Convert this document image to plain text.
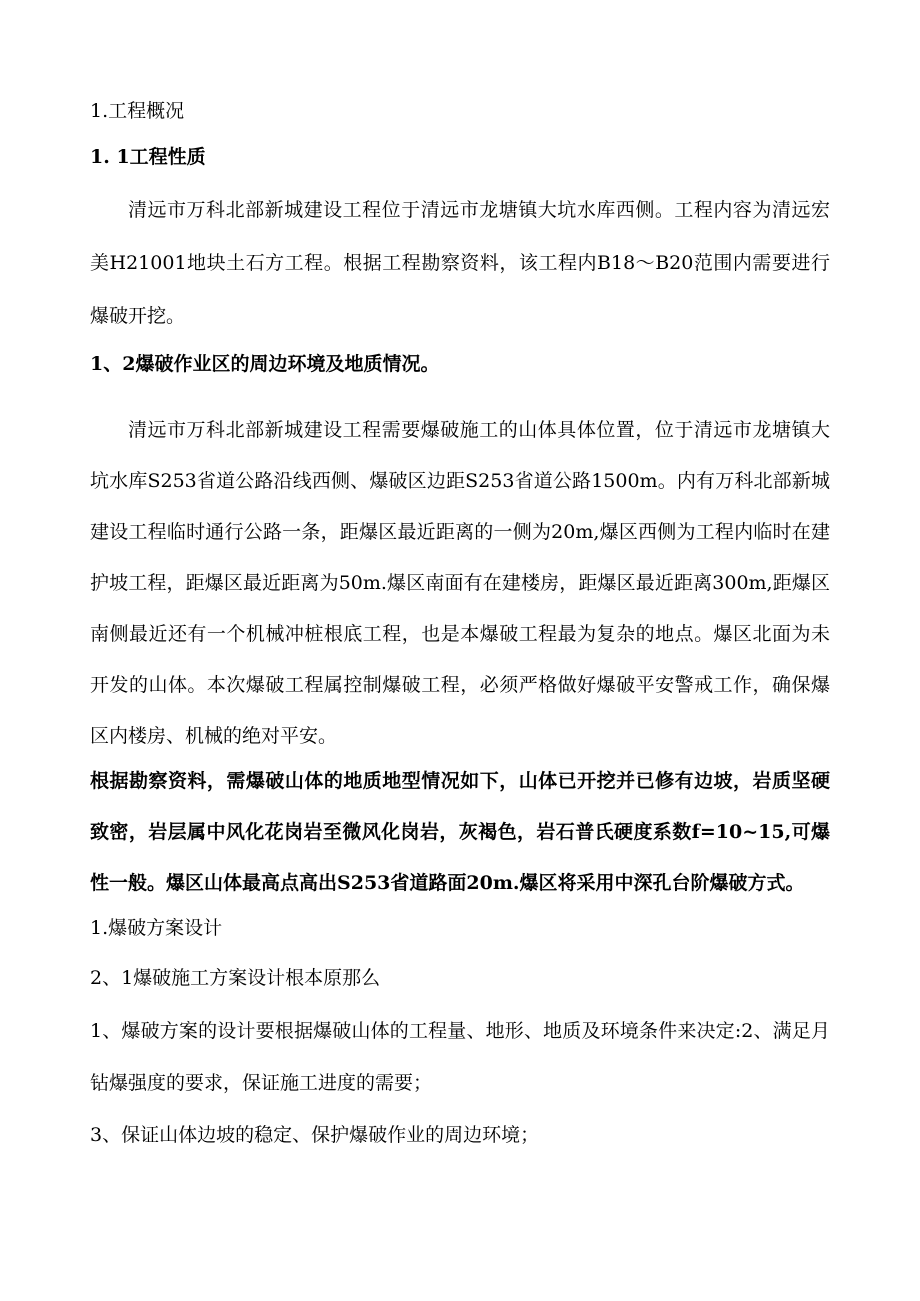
1.工程概况

1. 1工程性质

清远市万科北部新城建设工程位于清远市龙塘镇大坑水库西侧。工程内容为清远宏美H21001地块土石方工程。根据工程勘察资料，该工程内B18～B20范围内需要进行爆破开挖。

1、2爆破作业区的周边环境及地质情况。

清远市万科北部新城建设工程需要爆破施工的山体具体位置，位于清远市龙塘镇大坑水库S253省道公路沿线西侧、爆破区边距S253省道公路1500m。内有万科北部新城建设工程临时通行公路一条，距爆区最近距离的一侧为20m,爆区西侧为工程内临时在建护坡工程，距爆区最近距离为50m.爆区南面有在建楼房，距爆区最近距离300m,距爆区南侧最近还有一个机械冲桩根底工程，也是本爆破工程最为复杂的地点。爆区北面为未开发的山体。本次爆破工程属控制爆破工程，必须严格做好爆破平安警戒工作，确保爆区内楼房、机械的绝对平安。

根据勘察资料，需爆破山体的地质地型情况如下，山体已开挖并已修有边坡，岩质坚硬致密，岩层属中风化花岗岩至微风化岗岩，灰褐色，岩石普氏硬度系数f=10~15,可爆性一般。爆区山体最高点高出S253省道路面20m.爆区将采用中深孔台阶爆破方式。

1.爆破方案设计

2、1爆破施工方案设计根本原那么

1、爆破方案的设计要根据爆破山体的工程量、地形、地质及环境条件来决定:2、满足月钻爆强度的要求，保证施工进度的需要；

3、保证山体边坡的稳定、保护爆破作业的周边环境；
